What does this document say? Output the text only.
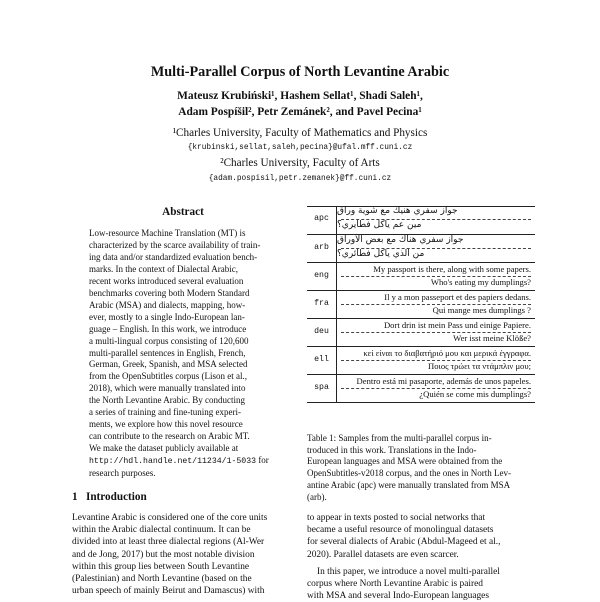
Multi-Parallel Corpus of North Levantine Arabic
Mateusz Krubiński¹, Hashem Sellat¹, Shadi Saleh¹,
Adam Pospíšil², Petr Zemánek², and Pavel Pecina¹
¹Charles University, Faculty of Mathematics and Physics
{krubinski,sellat,saleh,pecina}@ufal.mff.cuni.cz
²Charles University, Faculty of Arts
{adam.pospisil,petr.zemanek}@ff.cuni.cz
Abstract
Low-resource Machine Translation (MT) is
characterized by the scarce availability of train-
ing data and/or standardized evaluation bench-
marks. In the context of Dialectal Arabic,
recent works introduced several evaluation
benchmarks covering both Modern Standard
Arabic (MSA) and dialects, mapping, how-
ever, mostly to a single Indo-European lan-
guage – English. In this work, we introduce
a multi-lingual corpus consisting of 120,600
multi-parallel sentences in English, French,
German, Greek, Spanish, and MSA selected
from the OpenSubtitles corpus (Lison et al.,
2018), which were manually translated into
the North Levantine Arabic. By conducting
a series of training and fine-tuning experi-
ments, we explore how this novel resource
can contribute to the research on Arabic MT.
We make the dataset publicly available at
http://hdl.handle.net/11234/1-5033 for
research purposes.
1 Introduction
Levantine Arabic is considered one of the core units
within the Arabic dialectal continuum. It can be
divided into at least three dialectal regions (Al-Wer
and de Jong, 2017) but the most notable division
within this group lies between South Levantine
(Palestinian) and North Levantine (based on the
urban speech of mainly Beirut and Damascus) with
to appear in texts posted to social networks that
became a useful resource of monolingual datasets
for several dialects of Arabic (Abdul-Mageed et al.,
2020). Parallel datasets are even scarcer.
In this paper, we introduce a novel multi-parallel
corpus where North Levantine Arabic is paired
with MSA and several Indo-European languages
apc
جواز سفري هنيك مع شوية وراق
مين عم ياكل فطايري؟
arb
جواز سفري هناك مع بعض الأوراق
من الذي يأكل فطائري؟
eng
My passport is there, along with some papers.
Who's eating my dumplings?
fra
Il y a mon passeport et des papiers dedans.
Qui mange mes dumplings ?
deu
Dort drin ist mein Pass und einige Papiere.
Wer isst meine Klöße?
ell
κεί είναι το διαβατήριό μου και μερικά έγγραφα.
Ποιος τρώει τα ντάμπλιν μου;
spa
Dentro está mi pasaporte, además de unos papeles.
¿Quién se come mis dumplings?
Table 1: Samples from the multi-parallel corpus in-
troduced in this work. Translations in the Indo-
European languages and MSA were obtained from the
OpenSubtitles-v2018 corpus, and the ones in North Lev-
antine Arabic (apc) were manually translated from MSA
(arb).
